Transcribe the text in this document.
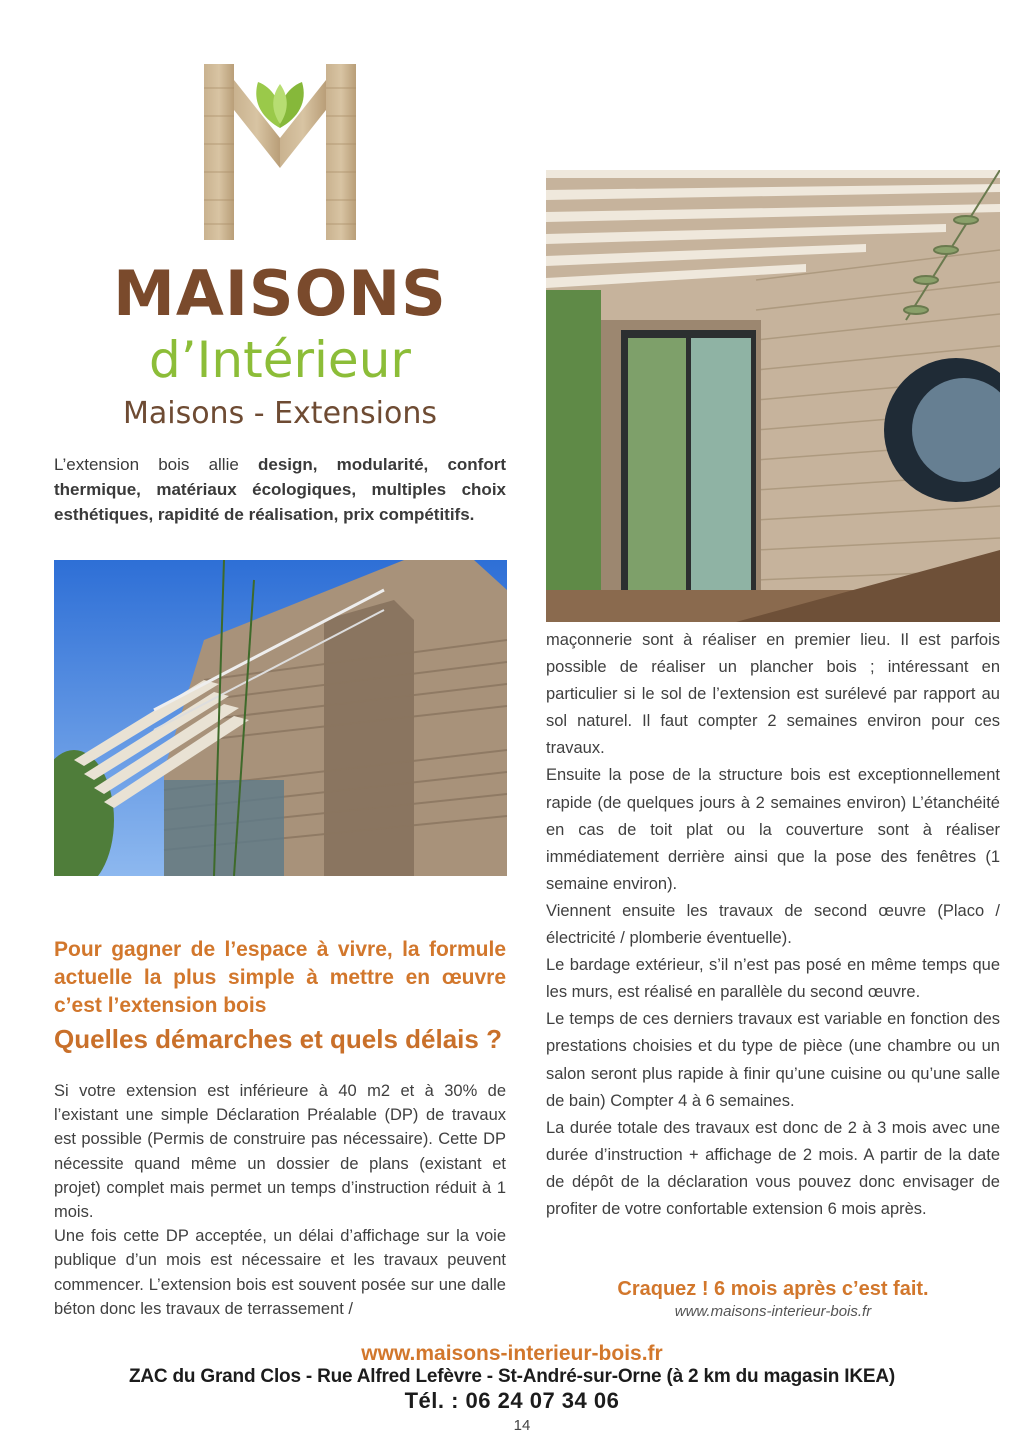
MAISONS
d’Intérieur
Maisons - Extensions
L’extension bois allie design, modularité, confort thermique, matériaux écologiques, multiples choix esthétiques, rapidité de réalisation, prix compétitifs.
Pour gagner de l’espace à vivre, la formule actuelle la plus simple à mettre en œuvre c’est l’extension bois
Quelles démarches et quels délais ?

Si votre extension est inférieure à 40 m2 et à 30% de l’existant une simple Déclaration Préalable (DP) de travaux est possible (Permis de construire pas nécessaire). Cette DP nécessite quand même un dossier de plans (existant et projet) complet mais permet un temps d’instruction réduit à 1 mois.

Une fois cette DP acceptée, un délai d’affichage sur la voie publique d’un mois est nécessaire et les travaux peuvent commencer. L’extension bois est souvent posée sur une dalle béton donc les travaux de terrassement /

maçonnerie sont à réaliser en premier lieu. Il est parfois possible de réaliser un plancher bois ; intéressant en particulier si le sol de l’extension est surélevé par rapport au sol naturel. Il faut compter 2 semaines environ pour ces travaux.

Ensuite la pose de la structure bois est exceptionnellement rapide (de quelques jours à 2 semaines environ) L’étanchéité en cas de toit plat ou la couverture sont à réaliser immédiatement derrière ainsi que la pose des fenêtres (1 semaine environ).

Viennent ensuite les travaux de second œuvre (Placo / électricité / plomberie éventuelle).

Le bardage extérieur, s’il n’est pas posé en même temps que les murs, est réalisé en parallèle du second œuvre.

Le temps de ces derniers travaux est variable en fonction des prestations choisies et du type de pièce (une chambre ou un salon seront plus rapide à finir qu’une cuisine ou qu’une salle de bain) Compter 4 à 6 semaines.

La durée totale des travaux est donc de 2 à 3 mois avec une durée d’instruction + affichage de 2 mois. A partir de la date de dépôt de la déclaration vous pouvez donc envisager de profiter de votre confortable extension 6 mois après.

Craquez ! 6 mois après c’est fait.
www.maisons-interieur-bois.fr
www.maisons-interieur-bois.fr
ZAC du Grand Clos - Rue Alfred Lefèvre - St-André-sur-Orne (à 2 km du magasin IKEA)
Tél. : 06 24 07 34 06
14
